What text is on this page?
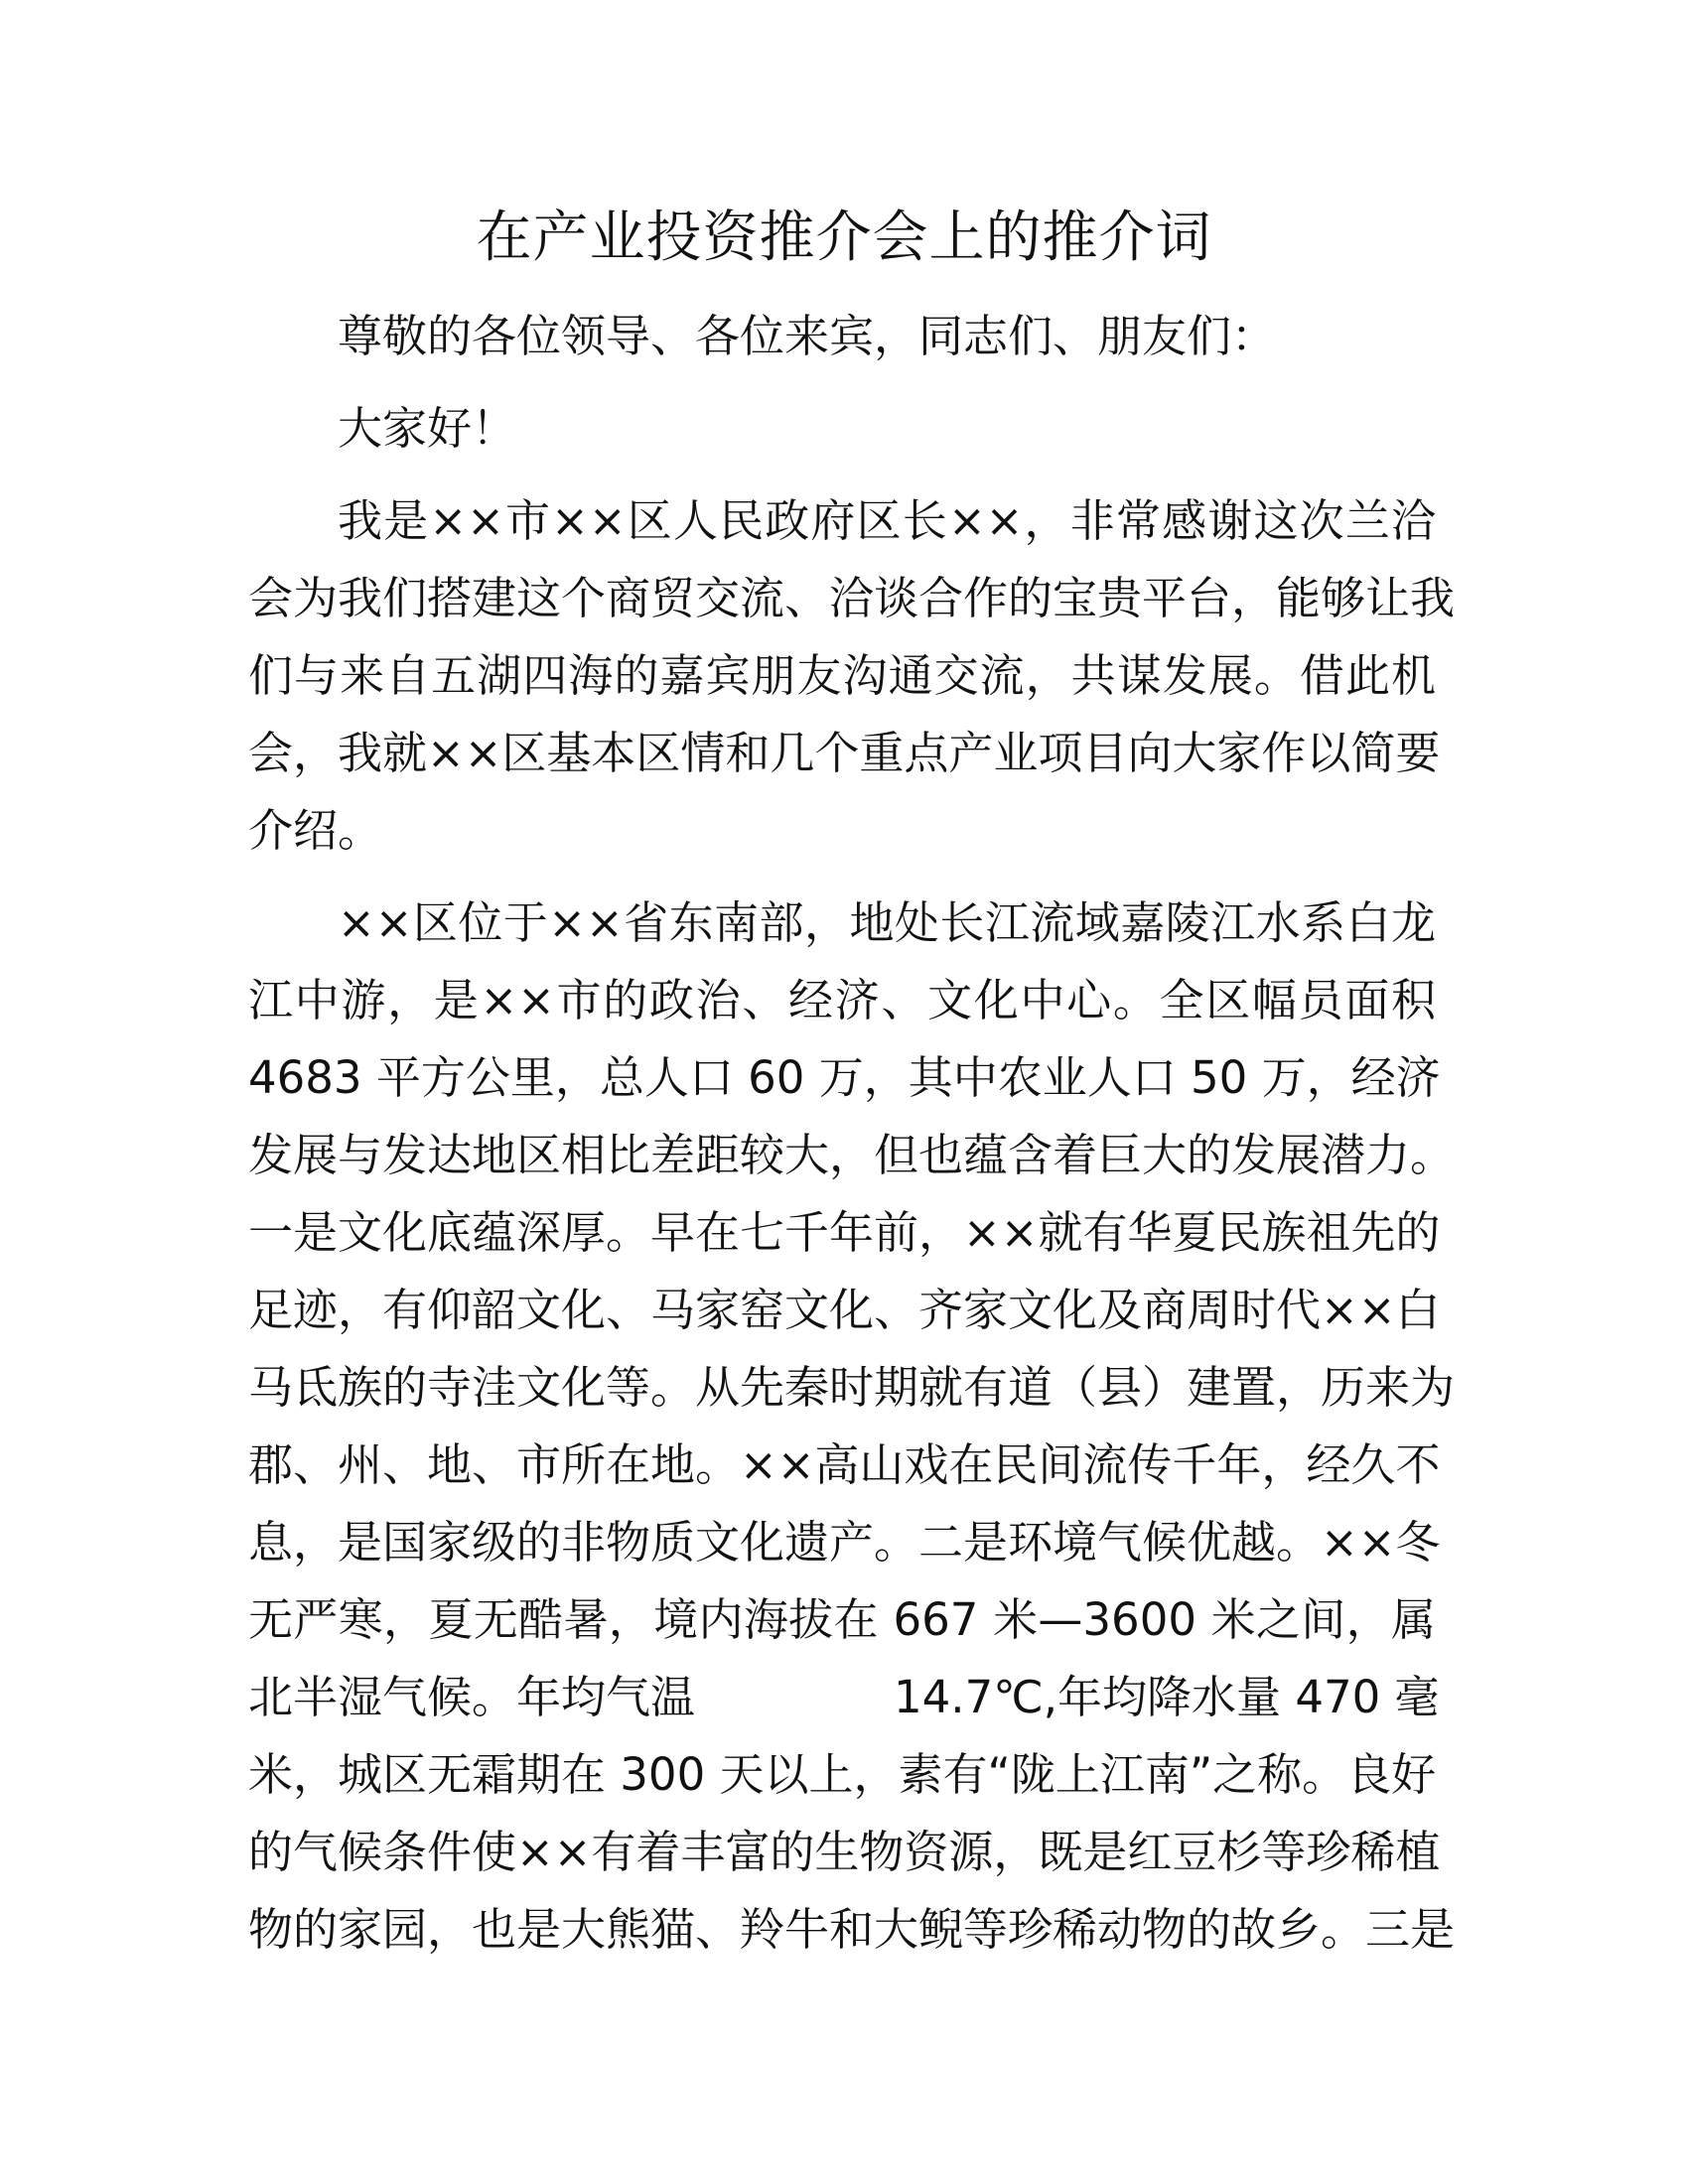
在产业投资推介会上的推介词
尊敬的各位领导、各位来宾，同志们、朋友们：
大家好！
我是××市××区人民政府区长××，非常感谢这次兰洽
会为我们搭建这个商贸交流、洽谈合作的宝贵平台，能够让我
们与来自五湖四海的嘉宾朋友沟通交流，共谋发展。借此机
会，我就××区基本区情和几个重点产业项目向大家作以简要
介绍。
××区位于××省东南部，地处长江流域嘉陵江水系白龙
江中游，是××市的政治、经济、文化中心。全区幅员面积
4683 平方公里，总人口 60 万，其中农业人口 50 万，经济
发展与发达地区相比差距较大，但也蕴含着巨大的发展潜力。
一是文化底蕴深厚。早在七千年前，××就有华夏民族祖先的
足迹，有仰韶文化、马家窑文化、齐家文化及商周时代××白
马氐族的寺洼文化等。从先秦时期就有道（县）建置，历来为
郡、州、地、市所在地。××高山戏在民间流传千年，经久不
息，是国家级的非物质文化遗产。二是环境气候优越。××冬
无严寒，夏无酷暑，境内海拔在 667 米—3600 米之间，属
北半湿气候。年均气温	14.7℃,年均降水量 470 毫
米，城区无霜期在 300 天以上，素有“陇上江南”之称。良好
的气候条件使××有着丰富的生物资源，既是红豆杉等珍稀植
物的家园，也是大熊猫、羚牛和大鲵等珍稀动物的故乡。三是
